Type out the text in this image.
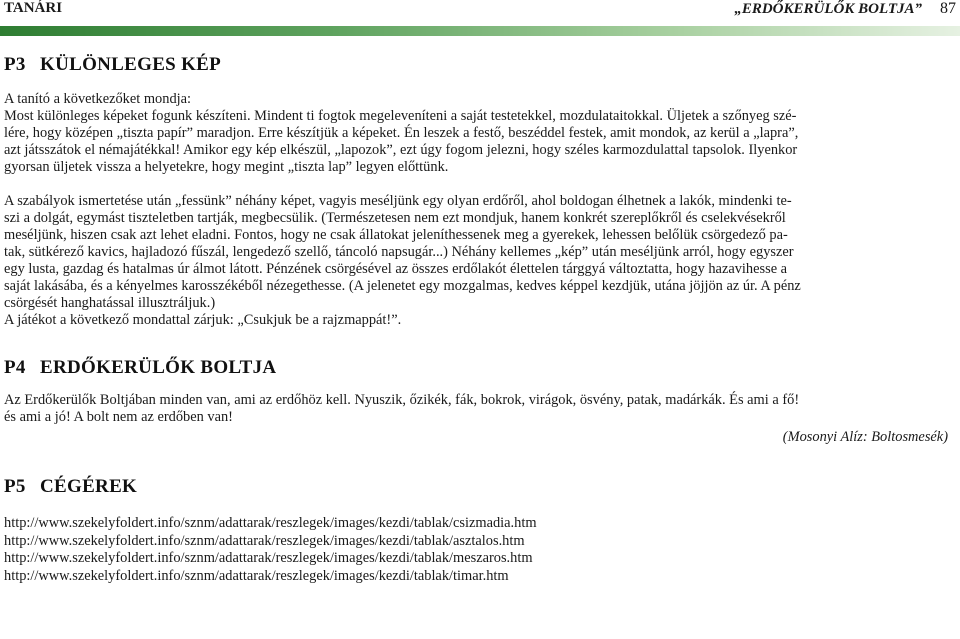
TANÁRI	„ERDŐKERÜLŐK BOLTJA” 87
P3 KÜLÖNLEGES KÉP

A tanító a következőket mondja:

Most különleges képeket fogunk készíteni. Mindent ti fogtok megeleveníteni a saját testetekkel, mozdulataitokkal. Üljetek a szőnyeg szé-

lére, hogy középen „tiszta papír” maradjon. Erre készítjük a képeket. Én leszek a festő, beszéddel festek, amit mondok, az kerül a „lapra”,

azt játsszátok el némajátékkal! Amikor egy kép elkészül, „lapozok”, ezt úgy fogom jelezni, hogy széles karmozdulattal tapsolok. Ilyenkor

gyorsan üljetek vissza a helyetekre, hogy megint „tiszta lap” legyen előttünk.

A szabályok ismertetése után „fessünk” néhány képet, vagyis meséljünk egy olyan erdőről, ahol boldogan élhetnek a lakók, mindenki te-

szi a dolgát, egymást tiszteletben tartják, megbecsülik. (Természetesen nem ezt mondjuk, hanem konkrét szereplőkről és cselekvésekről

meséljünk, hiszen csak azt lehet eladni. Fontos, hogy ne csak állatokat jeleníthessenek meg a gyerekek, lehessen belőlük csörgedező pa-

tak, sütkérező kavics, hajladozó fűszál, lengedező szellő, táncoló napsugár...) Néhány kellemes „kép” után meséljünk arról, hogy egyszer

egy lusta, gazdag és hatalmas úr álmot látott. Pénzének csörgésével az összes erdőlakót élettelen tárggyá változtatta, hogy hazavihesse a

saját lakásába, és a kényelmes karosszékéből nézegethesse. (A jelenetet egy mozgalmas, kedves képpel kezdjük, utána jöjjön az úr. A pénz

csörgését hanghatással illusztráljuk.)

A játékot a következő mondattal zárjuk: „Csukjuk be a rajzmappát!”.

P4 ERDŐKERÜLŐK BOLTJA

Az Erdőkerülők Boltjában minden van, ami az erdőhöz kell. Nyuszik, őzikék, fák, bokrok, virágok, ösvény, patak, madárkák. És ami a fő!

és ami a jó! A bolt nem az erdőben van!

(Mosonyi Alíz: Boltosmesék)
P5 CÉGÉREK
http://www.szekelyfoldert.info/sznm/adattarak/reszlegek/images/kezdi/tablak/csizmadia.htm
http://www.szekelyfoldert.info/sznm/adattarak/reszlegek/images/kezdi/tablak/asztalos.htm
http://www.szekelyfoldert.info/sznm/adattarak/reszlegek/images/kezdi/tablak/meszaros.htm
http://www.szekelyfoldert.info/sznm/adattarak/reszlegek/images/kezdi/tablak/timar.htm
